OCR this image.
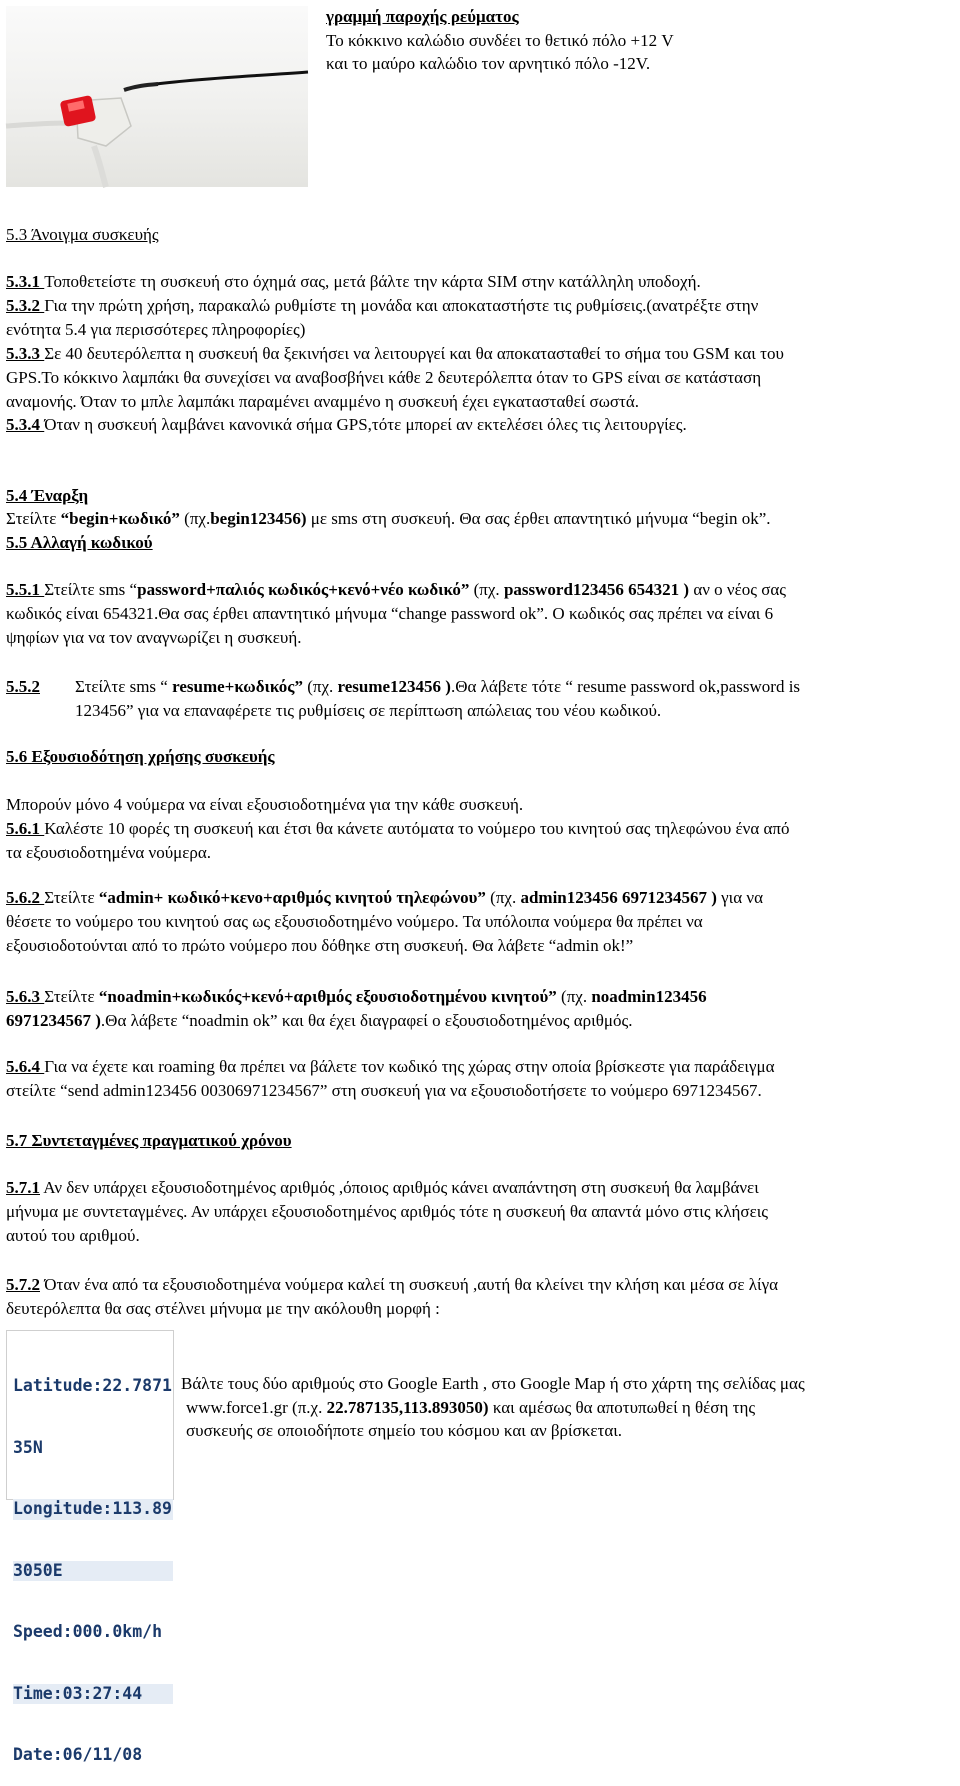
γραμμή παροχής ρεύματος

Το κόκκινο καλώδιο συνδέει το θετικό πόλο +12 V

και το μαύρο καλώδιο τον αρνητικό πόλο -12V.

5.3 Άνοιγμα συσκευής

5.3.1 Τοποθετείστε τη συσκευή στο όχημά σας, μετά βάλτε την κάρτα SIM στην κατάλληλη υποδοχή.

5.3.2 Για την πρώτη χρήση, παρακαλώ ρυθμίστε τη μονάδα και αποκαταστήστε τις ρυθμίσεις.(ανατρέξτε στην

ενότητα 5.4 για περισσότερες πληροφορίες)

5.3.3 Σε 40 δευτερόλεπτα η συσκευή θα ξεκινήσει να λειτουργεί και θα αποκατασταθεί το σήμα του GSM και του

GPS.Το κόκκινο λαμπάκι θα συνεχίσει να αναβοσβήνει κάθε 2 δευτερόλεπτα όταν το GPS είναι σε κατάσταση

αναμονής. Όταν το μπλε λαμπάκι παραμένει αναμμένο η συσκευή έχει εγκατασταθεί σωστά.

5.3.4 Όταν η συσκευή λαμβάνει κανονικά σήμα GPS,τότε μπορεί αν εκτελέσει όλες τις λειτουργίες.

5.4 Έναρξη

Στείλτε “begin+κωδικό” (πχ.begin123456) με sms στη συσκευή. Θα σας έρθει απαντητικό μήνυμα “begin ok”.

5.5 Αλλαγή κωδικού

5.5.1 Στείλτε sms “password+παλιός κωδικός+κενό+νέο κωδικό” (πχ. password123456 654321 ) αν ο νέος σας

κωδικός είναι 654321.Θα σας έρθει απαντητικό μήνυμα “change password ok”. Ο κωδικός σας πρέπει να είναι 6

ψηφίων για να τον αναγνωρίζει η συσκευή.

5.5.2 Στείλτε sms “ resume+κωδικός” (πχ. resume123456 ).Θα λάβετε τότε “ resume password ok,password is

123456” για να επαναφέρετε τις ρυθμίσεις σε περίπτωση απώλειας του νέου κωδικού.

5.6 Εξουσιοδότηση χρήσης συσκευής

Μπορούν μόνο 4 νούμερα να είναι εξουσιοδοτημένα για την κάθε συσκευή.

5.6.1 Καλέστε 10 φορές τη συσκευή και έτσι θα κάνετε αυτόματα το νούμερο του κινητού σας τηλεφώνου ένα από

τα εξουσιοδοτημένα νούμερα.

5.6.2 Στείλτε “admin+ κωδικό+κενο+αριθμός κινητού τηλεφώνου” (πχ. admin123456 6971234567 ) για να

θέσετε το νούμερο του κινητού σας ως εξουσιοδοτημένο νούμερο. Τα υπόλοιπα νούμερα θα πρέπει να

εξουσιοδοτούνται από το πρώτο νούμερο που δόθηκε στη συσκευή. Θα λάβετε “admin ok!”

5.6.3 Στείλτε “noadmin+κωδικός+κενό+αριθμός εξουσιοδοτημένου κινητού” (πχ. noadmin123456

6971234567 ).Θα λάβετε “noadmin ok” και θα έχει διαγραφεί ο εξουσιοδοτημένος αριθμός.

5.6.4 Για να έχετε και roaming θα πρέπει να βάλετε τον κωδικό της χώρας στην οποία βρίσκεστε για παράδειγμα

στείλτε “send admin123456 00306971234567” στη συσκευή για να εξουσιοδοτήσετε το νούμερο 6971234567.

5.7 Συντεταγμένες πραγματικού χρόνου

5.7.1 Αν δεν υπάρχει εξουσιοδοτημένος αριθμός ,όποιος αριθμός κάνει αναπάντηση στη συσκευή θα λαμβάνει

μήνυμα με συντεταγμένες. Αν υπάρχει εξουσιοδοτημένος αριθμός τότε η συσκευή θα απαντά μόνο στις κλήσεις

αυτού του αριθμού.

5.7.2 Όταν ένα από τα εξουσιοδοτημένα νούμερα καλεί τη συσκευή ,αυτή θα κλείνει την κλήση και μέσα σε λίγα

δευτερόλεπτα θα σας στέλνει μήνυμα με την ακόλουθη μορφή :

Latitude:22.7871

35N

Longitude:113.89

3050E

Speed:000.0km/h

Time:03:27:44

Date:06/11/08

Βάλτε τους δύο αριθμούς στο Google Earth , στο Google Map ή στο χάρτη της σελίδας μας

www.force1.gr (π.χ. 22.787135,113.893050) και αμέσως θα αποτυπωθεί η θέση της

συσκευής σε οποιοδήποτε σημείο του κόσμου και αν βρίσκεται.
